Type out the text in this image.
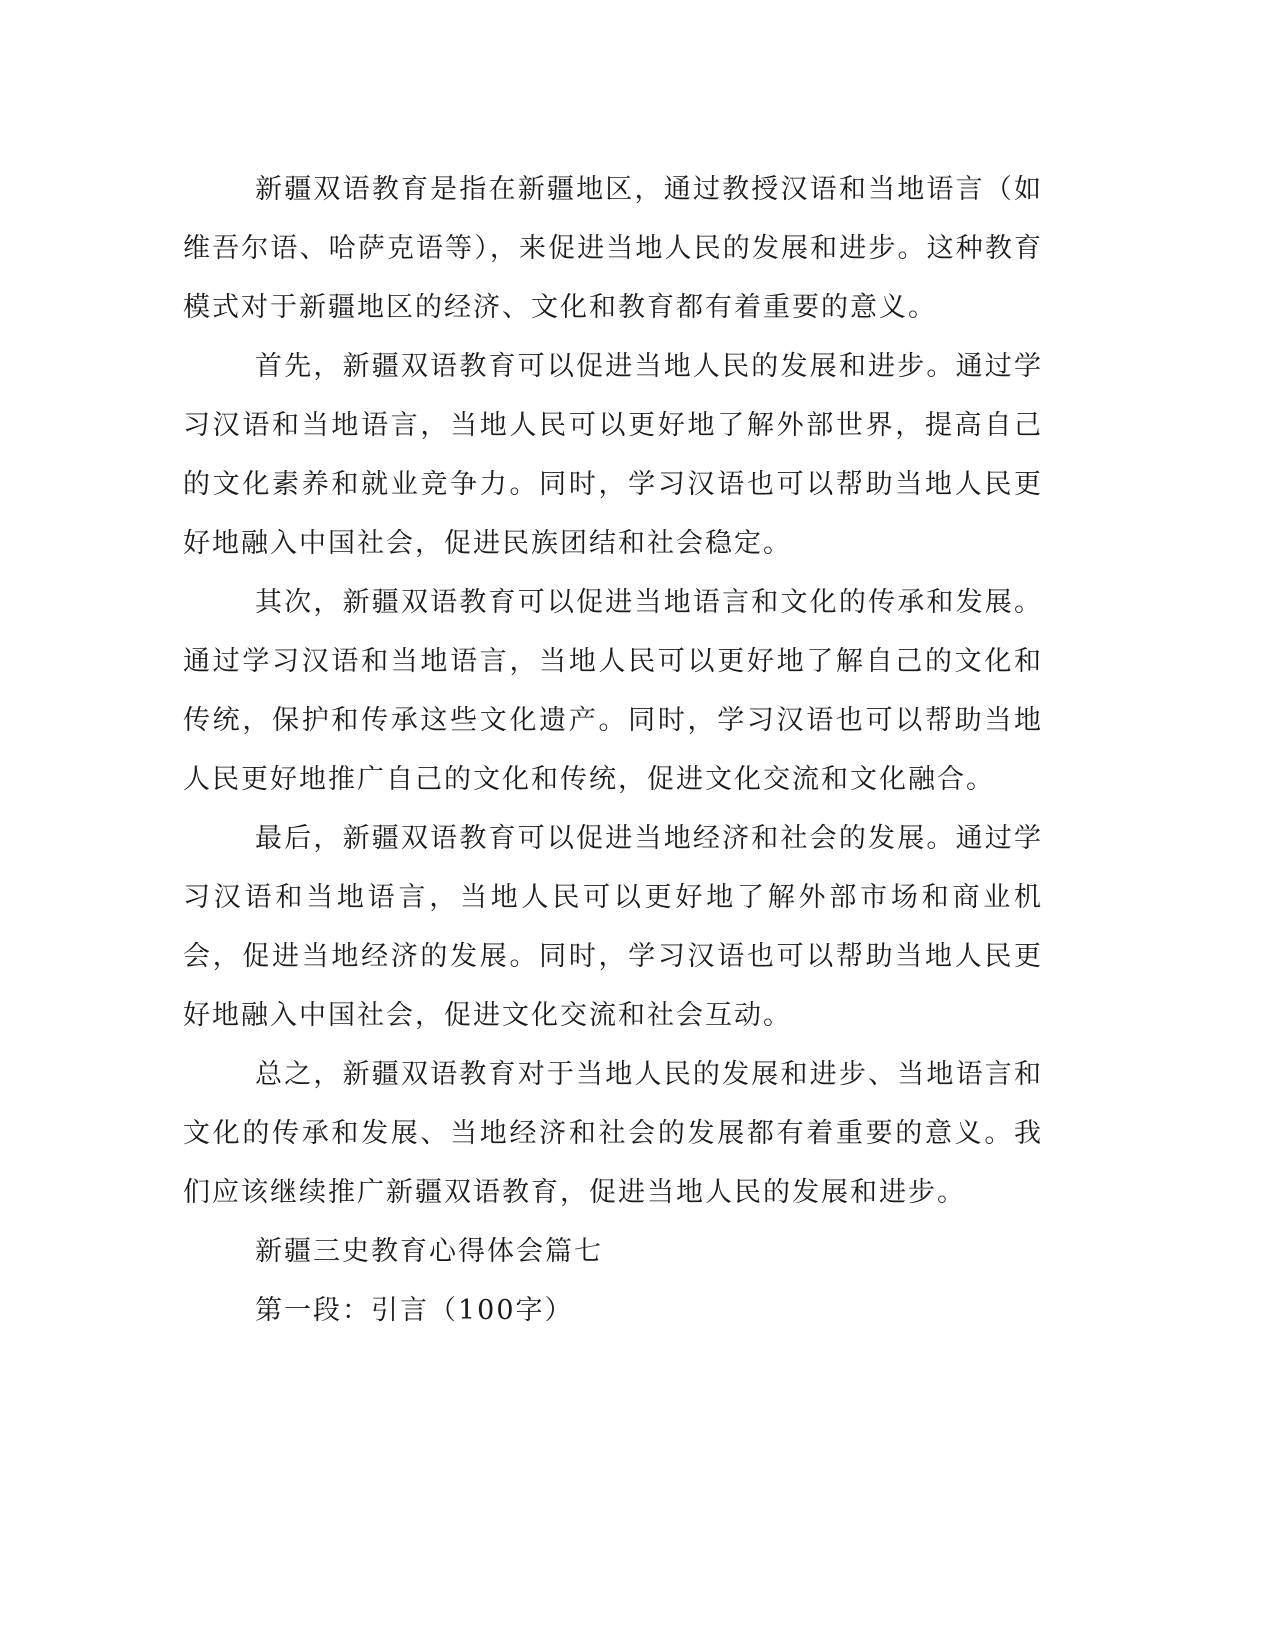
新疆双语教育是指在新疆地区，通过教授汉语和当地语言（如维吾尔语、哈萨克语等），来促进当地人民的发展和进步。这种教育模式对于新疆地区的经济、文化和教育都有着重要的意义。

首先，新疆双语教育可以促进当地人民的发展和进步。通过学习汉语和当地语言，当地人民可以更好地了解外部世界，提高自己的文化素养和就业竞争力。同时，学习汉语也可以帮助当地人民更好地融入中国社会，促进民族团结和社会稳定。

其次，新疆双语教育可以促进当地语言和文化的传承和发展。通过学习汉语和当地语言，当地人民可以更好地了解自己的文化和传统，保护和传承这些文化遗产。同时，学习汉语也可以帮助当地人民更好地推广自己的文化和传统，促进文化交流和文化融合。

最后，新疆双语教育可以促进当地经济和社会的发展。通过学习汉语和当地语言，当地人民可以更好地了解外部市场和商业机会，促进当地经济的发展。同时，学习汉语也可以帮助当地人民更好地融入中国社会，促进文化交流和社会互动。

总之，新疆双语教育对于当地人民的发展和进步、当地语言和文化的传承和发展、当地经济和社会的发展都有着重要的意义。我们应该继续推广新疆双语教育，促进当地人民的发展和进步。

新疆三史教育心得体会篇七

第一段：引言（100字）
